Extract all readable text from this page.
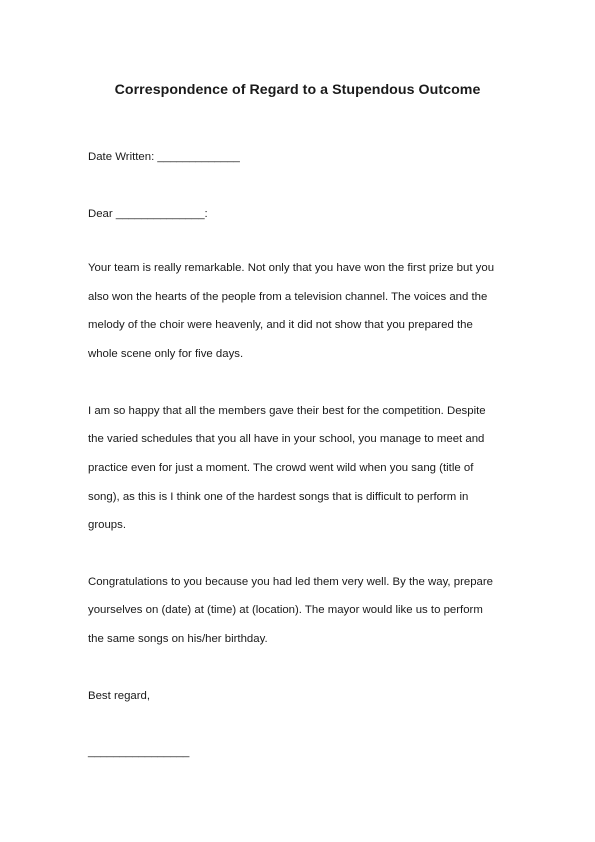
Correspondence of Regard to a Stupendous Outcome
Date Written: _____________
Dear ______________:
Your team is really remarkable. Not only that you have won the first prize but you
also won the hearts of the people from a television channel. The voices and the
melody of the choir were heavenly, and it did not show that you prepared the
whole scene only for five days.
I am so happy that all the members gave their best for the competition. Despite
the varied schedules that you all have in your school, you manage to meet and
practice even for just a moment. The crowd went wild when you sang (title of
song), as this is I think one of the hardest songs that is difficult to perform in
groups.
Congratulations to you because you had led them very well. By the way, prepare
yourselves on (date) at (time) at (location). The mayor would like us to perform
the same songs on his/her birthday.
Best regard,
________________
